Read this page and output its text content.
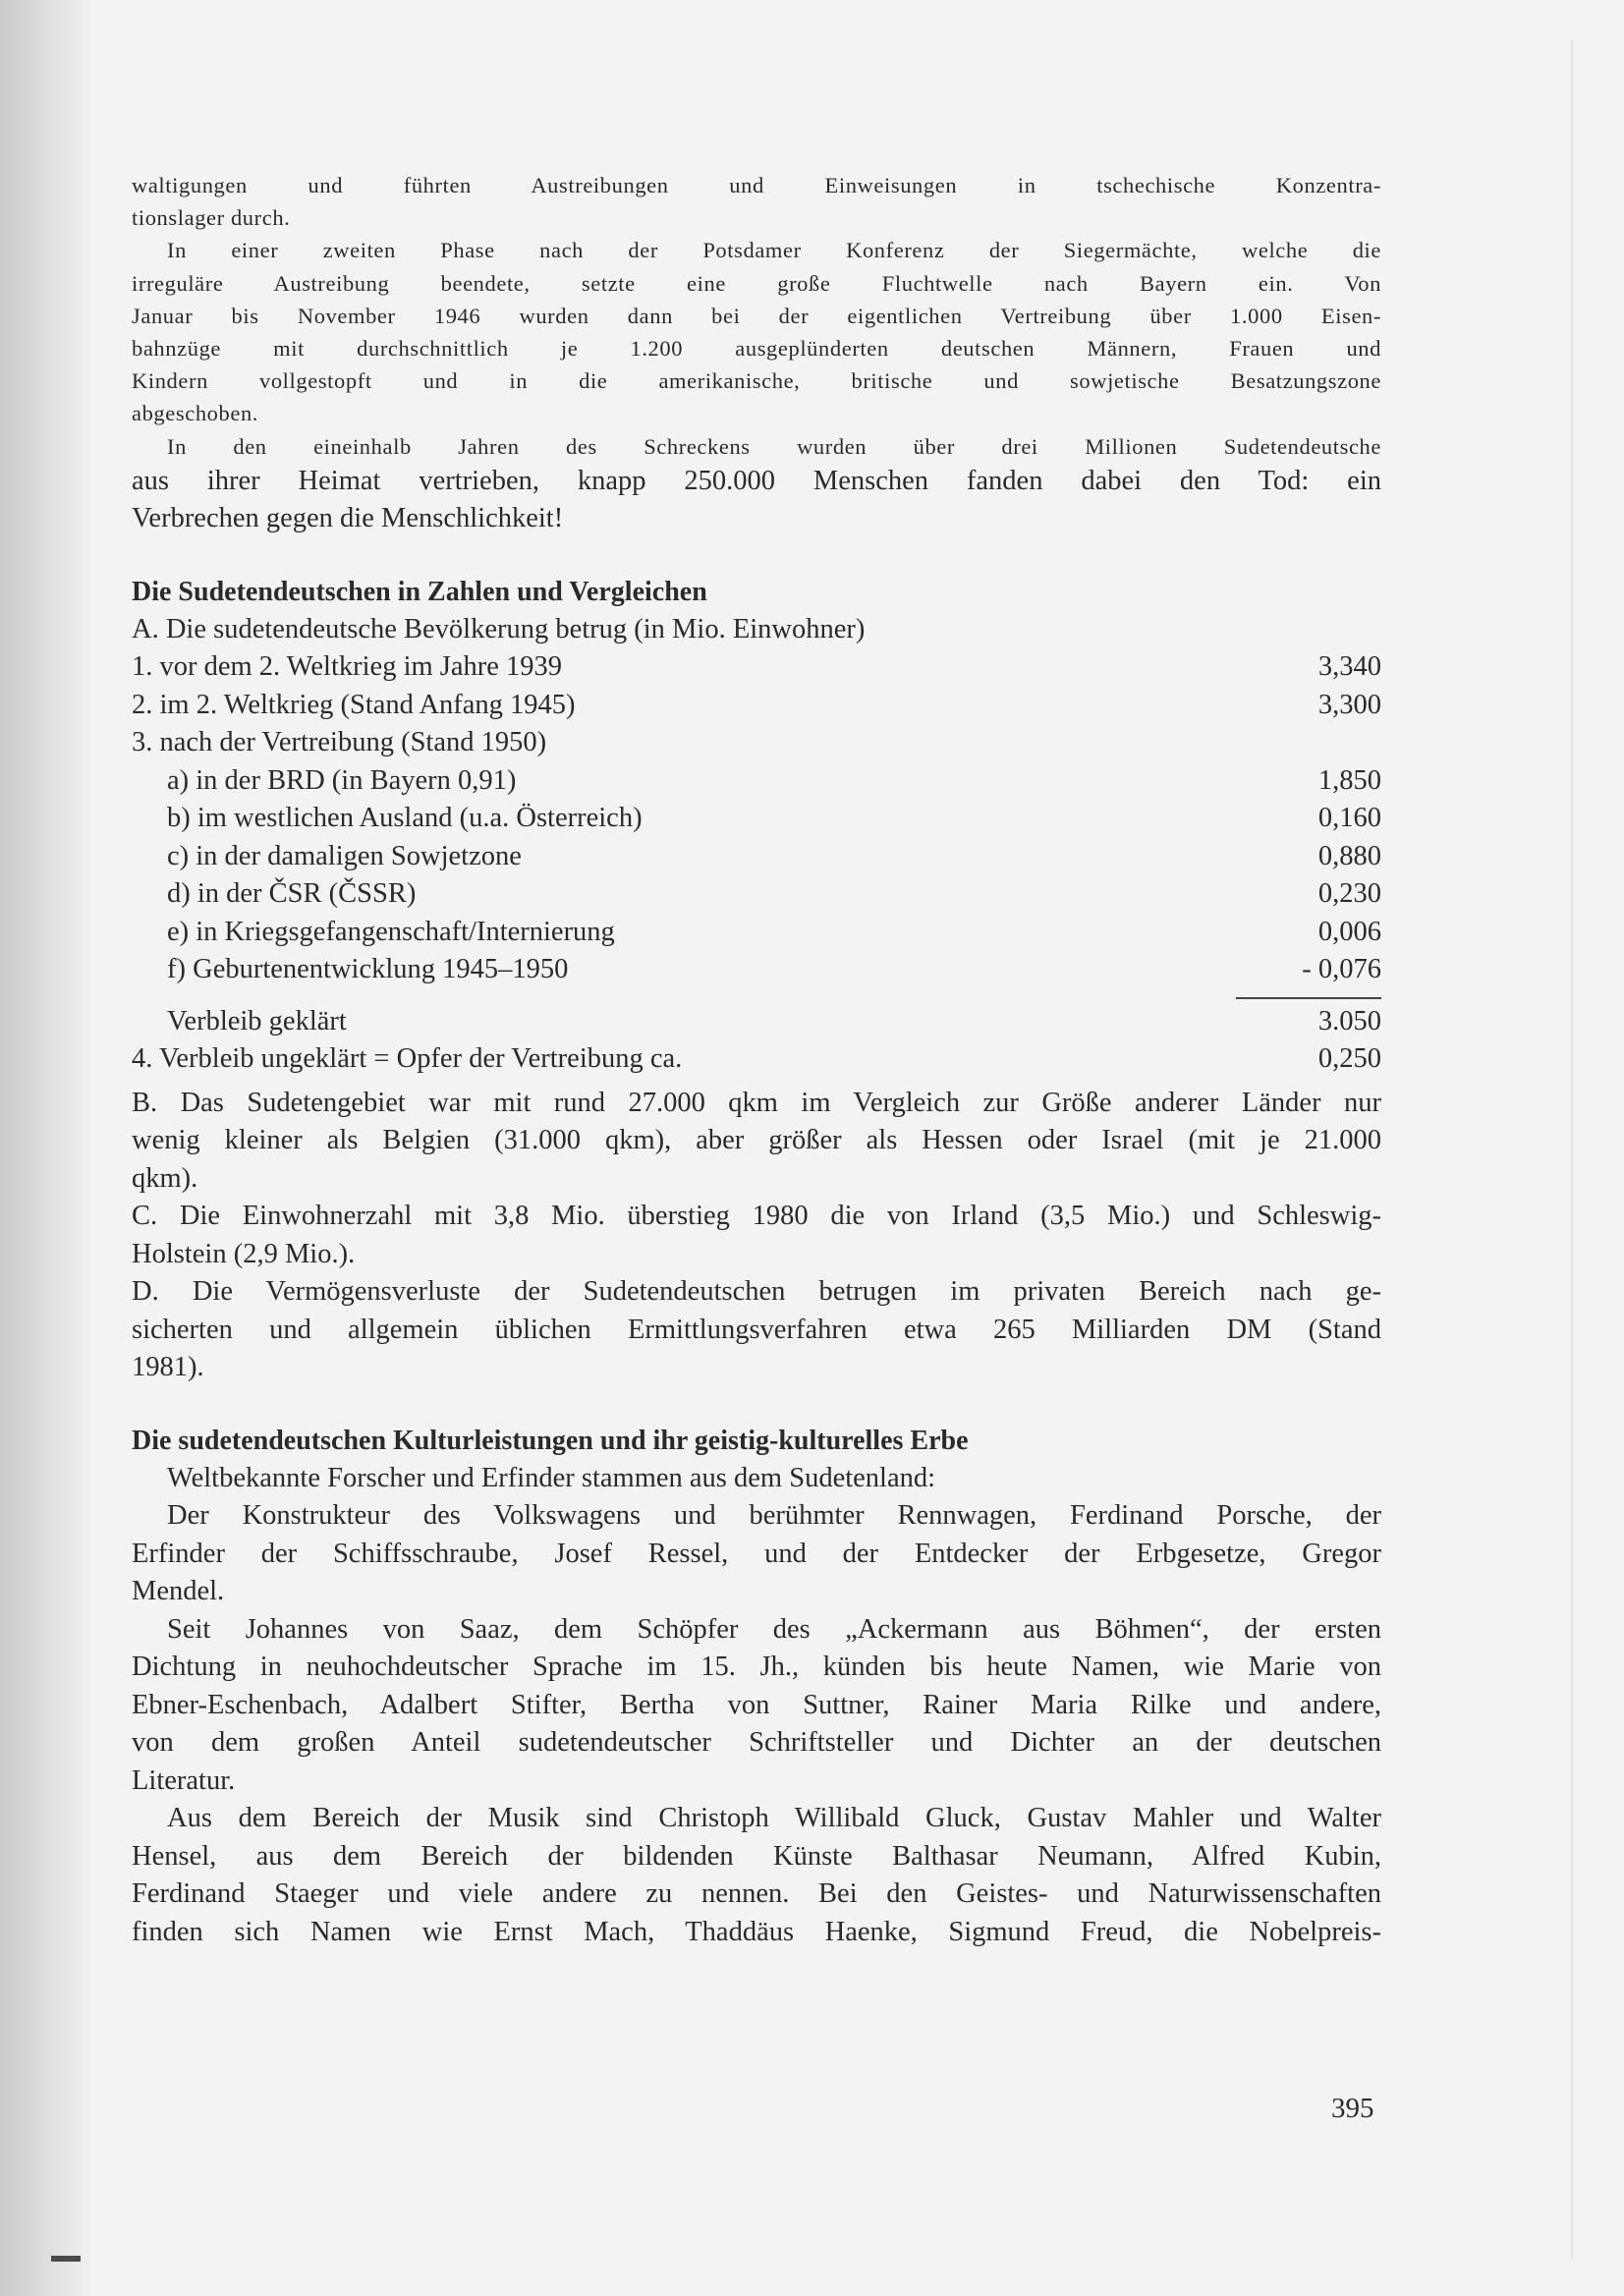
waltigungen und führten Austreibungen und Einweisungen in tschechische Konzentra-
tionslager durch.
In einer zweiten Phase nach der Potsdamer Konferenz der Siegermächte, welche die
irreguläre Austreibung beendete, setzte eine große Fluchtwelle nach Bayern ein. Von
Januar bis November 1946 wurden dann bei der eigentlichen Vertreibung über 1.000 Eisen-
bahnzüge mit durchschnittlich je 1.200 ausgeplünderten deutschen Männern, Frauen und
Kindern vollgestopft und in die amerikanische, britische und sowjetische Besatzungszone
abgeschoben.
In den eineinhalb Jahren des Schreckens wurden über drei Millionen Sudetendeutsche
aus ihrer Heimat vertrieben, knapp 250.000 Menschen fanden dabei den Tod: ein
Verbrechen gegen die Menschlichkeit!
Die Sudetendeutschen in Zahlen und Vergleichen
A. Die sudetendeutsche Bevölkerung betrug (in Mio. Einwohner)
1. vor dem 2. Weltkrieg im Jahre 1939	3,340
2. im 2. Weltkrieg (Stand Anfang 1945)	3,300
3. nach der Vertreibung (Stand 1950)
a) in der BRD (in Bayern 0,91)	1,850
b) im westlichen Ausland (u.a. Österreich)	0,160
c) in der damaligen Sowjetzone	0,880
d) in der ČSR (ČSSR)	0,230
e) in Kriegsgefangenschaft/Internierung	0,006
f) Geburtenentwicklung 1945–1950	- 0,076
Verbleib geklärt	3.050
4. Verbleib ungeklärt = Opfer der Vertreibung ca.	0,250
B. Das Sudetengebiet war mit rund 27.000 qkm im Vergleich zur Größe anderer Länder nur
wenig kleiner als Belgien (31.000 qkm), aber größer als Hessen oder Israel (mit je 21.000
qkm).
C. Die Einwohnerzahl mit 3,8 Mio. überstieg 1980 die von Irland (3,5 Mio.) und Schleswig-
Holstein (2,9 Mio.).
D. Die Vermögensverluste der Sudetendeutschen betrugen im privaten Bereich nach ge-
sicherten und allgemein üblichen Ermittlungsverfahren etwa 265 Milliarden DM (Stand
1981).
Die sudetendeutschen Kulturleistungen und ihr geistig-kulturelles Erbe
Weltbekannte Forscher und Erfinder stammen aus dem Sudetenland:
Der Konstrukteur des Volkswagens und berühmter Rennwagen, Ferdinand Porsche, der
Erfinder der Schiffsschraube, Josef Ressel, und der Entdecker der Erbgesetze, Gregor
Mendel.
Seit Johannes von Saaz, dem Schöpfer des „Ackermann aus Böhmen“, der ersten
Dichtung in neuhochdeutscher Sprache im 15. Jh., künden bis heute Namen, wie Marie von
Ebner-Eschenbach, Adalbert Stifter, Bertha von Suttner, Rainer Maria Rilke und andere,
von dem großen Anteil sudetendeutscher Schriftsteller und Dichter an der deutschen
Literatur.
Aus dem Bereich der Musik sind Christoph Willibald Gluck, Gustav Mahler und Walter
Hensel, aus dem Bereich der bildenden Künste Balthasar Neumann, Alfred Kubin,
Ferdinand Staeger und viele andere zu nennen. Bei den Geistes- und Naturwissenschaften
finden sich Namen wie Ernst Mach, Thaddäus Haenke, Sigmund Freud, die Nobelpreis-
395
